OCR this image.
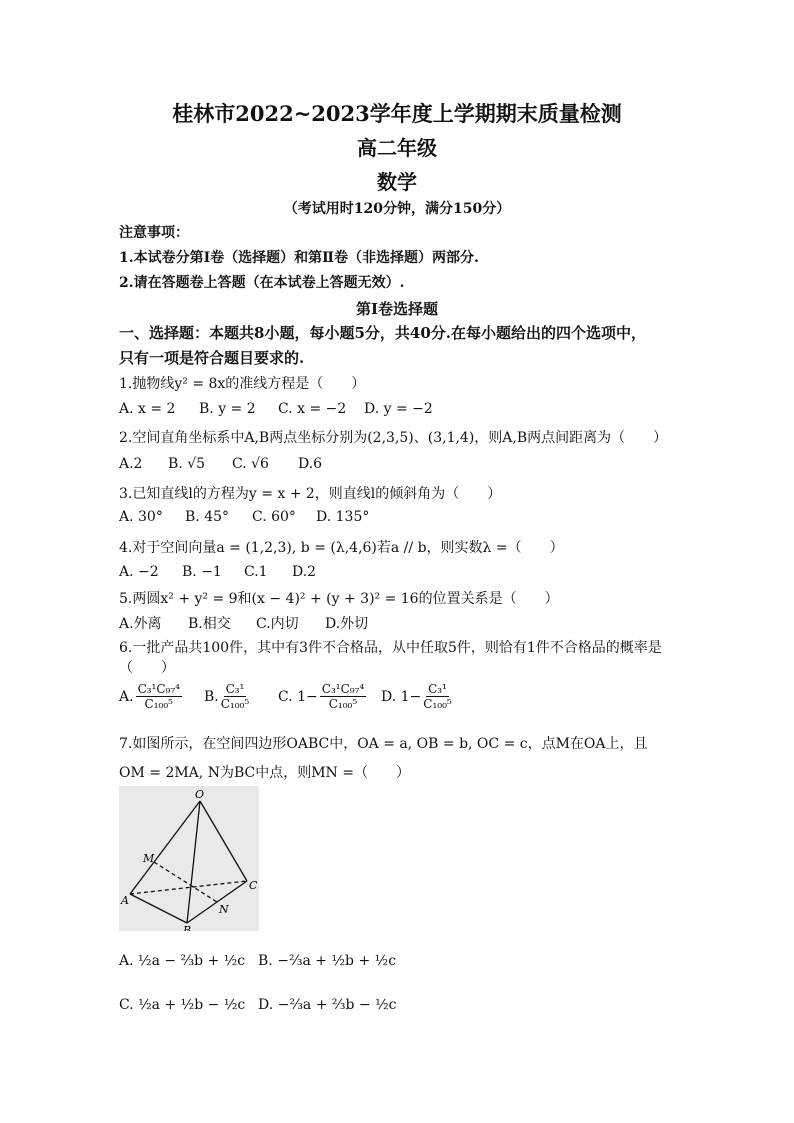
桂林市2022~2023学年度上学期期末质量检测
高二年级
数学
（考试用时120分钟，满分150分）
注意事项：
1.本试卷分第Ⅰ卷（选择题）和第Ⅱ卷（非选择题）两部分.
2.请在答题卷上答题（在本试卷上答题无效）.
第Ⅰ卷选择题
一、选择题：本题共8小题，每小题5分，共40分.在每小题给出的四个选项中，
只有一项是符合题目要求的.
1.抛物线y² = 8x的准线方程是（　　）
A. x = 2 B. y = 2 C. x = −2 D. y = −2
2.空间直角坐标系中A,B两点坐标分别为(2,3,5)、(3,1,4)，则A,B两点间距离为（　　）
A.2 B. √5 C. √6 D.6
3.已知直线l的方程为y = x + 2，则直线l的倾斜角为（　　）
A. 30° B. 45° C. 60° D. 135°
4.对于空间向量a = (1,2,3), b = (λ,4,6)若a // b，则实数λ =（　　）
A. −2 B. −1 C.1 D.2
5.两圆x² + y² = 9和(x − 4)² + (y + 3)² = 16的位置关系是（　　）
A.外离 B.相交 C.内切 D.外切
6.一批产品共100件，其中有3件不合格品，从中任取5件，则恰有1件不合格品的概率是
（　　）
A. $\frac{\text{C₃¹C₉₇⁴}}{\text{C₁₀₀⁵}} B$. $\frac{\text{C₃¹}}{\text{C₁₀₀⁵}} C$. $1- \frac{\text{C₃¹C₉₇⁴}}{\text{C₁₀₀⁵}} D$. $1- \frac{\text{C₃¹}}{\text{C₁₀₀⁵}}$
7.如图所示，在空间四边形OABC中，OA = a, OB = b, OC = c，点M在OA上，且
OM = 2MA, N为BC中点，则MN =（　　）
O
M
A
B
N
C
A. ½a − ⅔b + ½c B. −⅔a + ½b + ½c
C. ½a + ½b − ½c D. −⅔a + ⅔b − ½c
